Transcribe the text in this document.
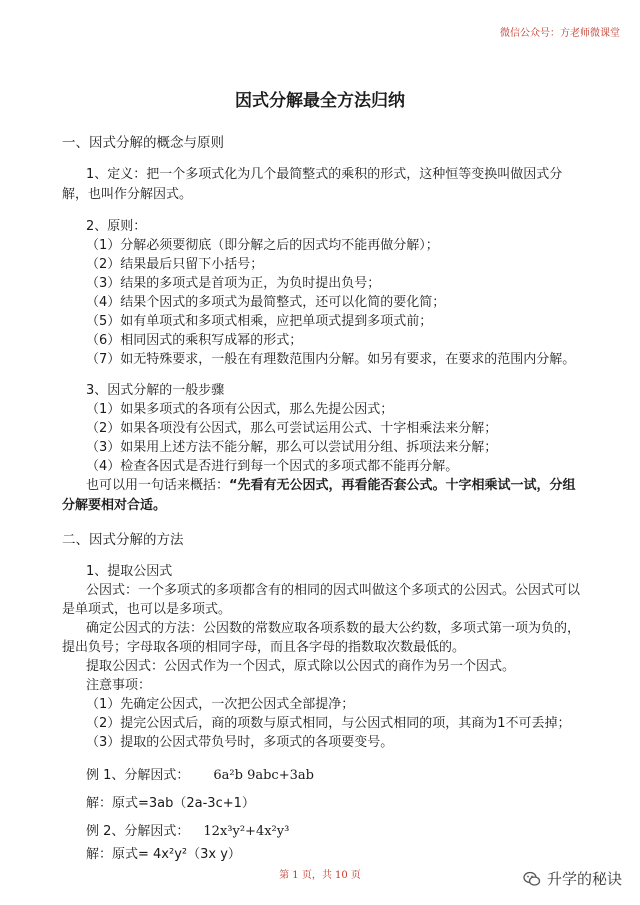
微信公众号：方老师微课堂
因式分解最全方法归纳
一、因式分解的概念与原则
1、定义：把一个多项式化为几个最简整式的乘积的形式，这种恒等变换叫做因式分
解，也叫作分解因式。
2、原则：
（1）分解必须要彻底（即分解之后的因式均不能再做分解）；
（2）结果最后只留下小括号；
（3）结果的多项式是首项为正，为负时提出负号；
（4）结果个因式的多项式为最简整式，还可以化简的要化简；
（5）如有单项式和多项式相乘，应把单项式提到多项式前；
（6）相同因式的乘积写成幂的形式；
（7）如无特殊要求，一般在有理数范围内分解。如另有要求，在要求的范围内分解。
3、因式分解的一般步骤
（1）如果多项式的各项有公因式，那么先提公因式；
（2）如果各项没有公因式，那么可尝试运用公式、十字相乘法来分解；
（3）如果用上述方法不能分解，那么可以尝试用分组、拆项法来分解；
（4）检查各因式是否进行到每一个因式的多项式都不能再分解。
也可以用一句话来概括：“先看有无公因式，再看能否套公式。十字相乘试一试，分组
分解要相对合适。
二、因式分解的方法
1、提取公因式
公因式：一个多项式的多项都含有的相同的因式叫做这个多项式的公因式。公因式可以
是单项式，也可以是多项式。
确定公因式的方法：公因数的常数应取各项系数的最大公约数，多项式第一项为负的，
提出负号；字母取各项的相同字母，而且各字母的指数取次数最低的。
提取公因式：公因式作为一个因式，原式除以公因式的商作为另一个因式。
注意事项：
（1）先确定公因式，一次把公因式全部提净；
（2）提完公因式后，商的项数与原式相同，与公因式相同的项，其商为1不可丢掉；
（3）提取的公因式带负号时，多项式的各项要变号。
例 1、分解因式： 6a²b 9abc+3ab
解：原式=3ab（2a-3c+1）
例 2、分解因式： 12x³y²+4x²y³
解：原式= 4x²y²（3x y）
第 1 页，共 10 页	升学的秘诀
